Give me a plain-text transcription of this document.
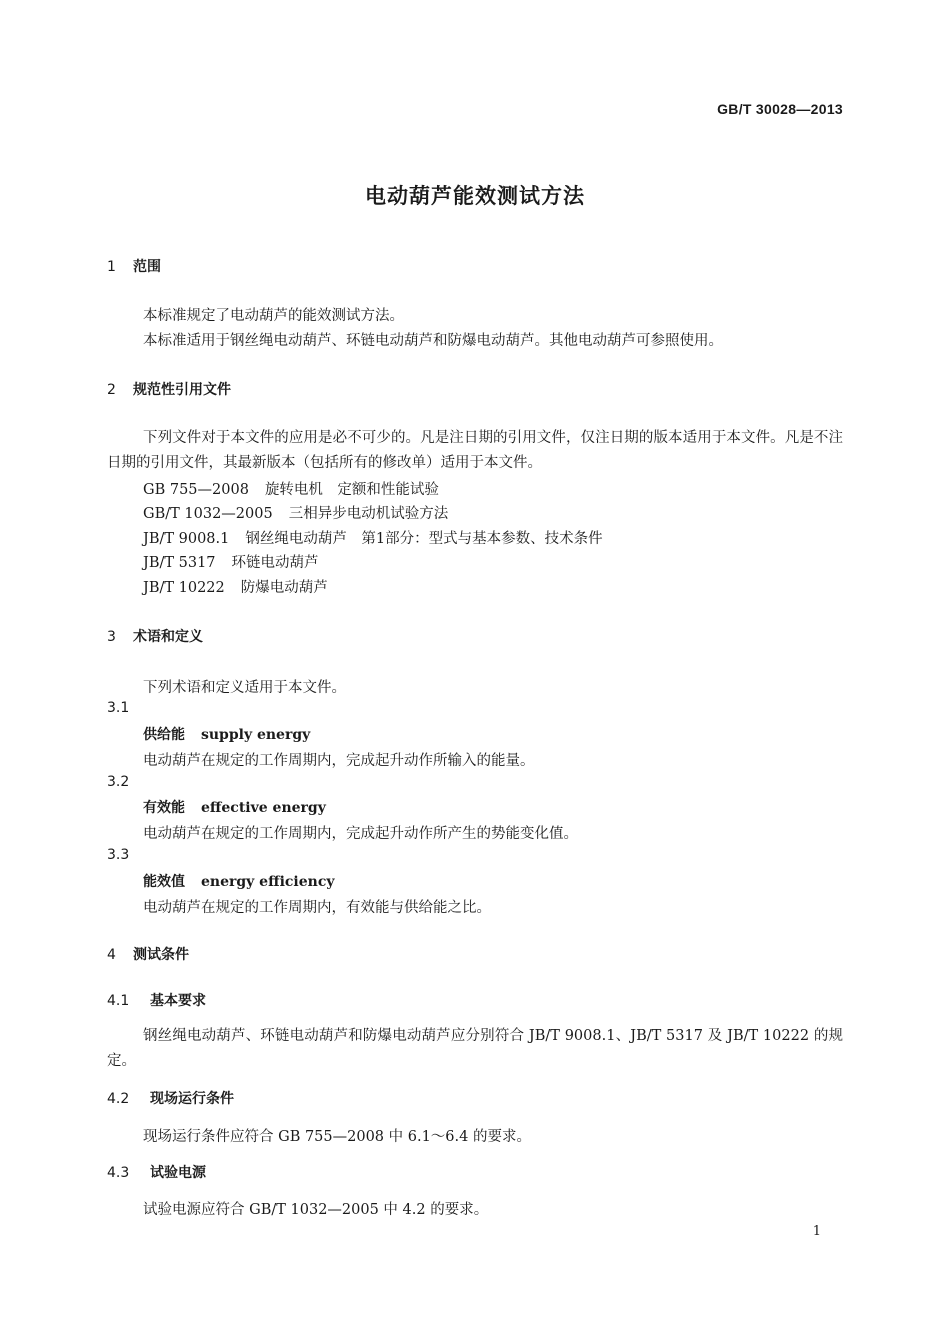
GB/T 30028—2013
电动葫芦能效测试方法
1 范围
本标准规定了电动葫芦的能效测试方法。
本标准适用于钢丝绳电动葫芦、环链电动葫芦和防爆电动葫芦。其他电动葫芦可参照使用。
2 规范性引用文件
下列文件对于本文件的应用是必不可少的。凡是注日期的引用文件，仅注日期的版本适用于本文件。凡是不注日期的引用文件，其最新版本（包括所有的修改单）适用于本文件。
GB 755—2008 旋转电机　定额和性能试验
GB/T 1032—2005 三相异步电动机试验方法
JB/T 9008.1 钢丝绳电动葫芦　第1部分：型式与基本参数、技术条件
JB/T 5317 环链电动葫芦
JB/T 10222 防爆电动葫芦
3 术语和定义
下列术语和定义适用于本文件。
3.1
供给能 supply energy
电动葫芦在规定的工作周期内，完成起升动作所输入的能量。
3.2
有效能 effective energy
电动葫芦在规定的工作周期内，完成起升动作所产生的势能变化值。
3.3
能效值 energy efficiency
电动葫芦在规定的工作周期内，有效能与供给能之比。
4 测试条件
4.1 基本要求
钢丝绳电动葫芦、环链电动葫芦和防爆电动葫芦应分别符合 JB/T 9008.1、JB/T 5317 及 JB/T 10222 的规定。
4.2 现场运行条件
现场运行条件应符合 GB 755—2008 中 6.1～6.4 的要求。
4.3 试验电源
试验电源应符合 GB/T 1032—2005 中 4.2 的要求。
1
